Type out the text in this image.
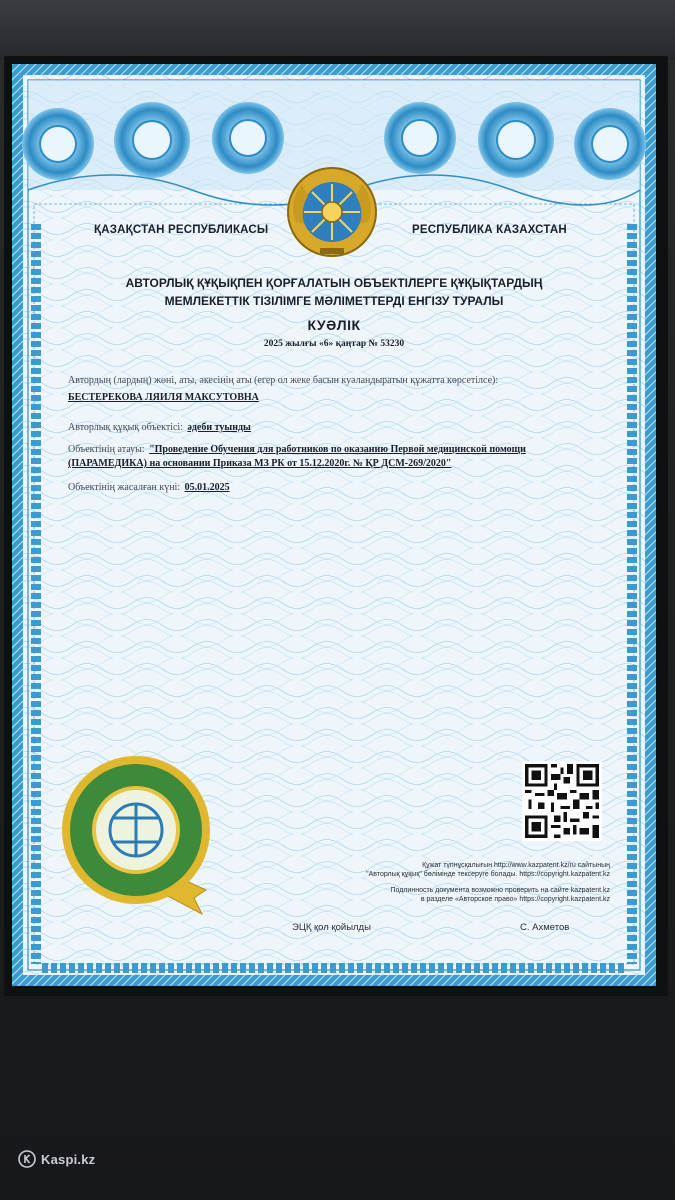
ҚАЗАҚСТАН РЕСПУБЛИКАСЫ	РЕСПУБЛИКА КАЗАХСТАН
АВТОРЛЫҚ ҚҰҚЫҚПЕН ҚОРҒАЛАТЫН ОБЪЕКТІЛЕРГЕ ҚҰҚЫҚТАРДЫҢ
МЕМЛЕКЕТТІК ТІЗІЛІМГЕ МӘЛІМЕТТЕРДІ ЕНГІЗУ ТУРАЛЫ
КУӘЛІК
2025 жылғы «6» қаңтар № 53230
Автордың (лардың) жөні, аты, әкесінің аты (егер ол жеке басын куәландыратын құжатта көрсетілсе):
БЕСТЕРЕКОВА ЛЯИЛЯ МАКСУТОВНА
Авторлық құқық объектісі: әдеби туынды
Объектінің атауы: "Проведение Обучения для работников по оказанию Первой медицинской помощи
(ПАРАМЕДИКА) на основании Приказа МЗ РК от 15.12.2020г. № ҚР ДСМ-269/2020"
Объектінің жасалған күні: 05.01.2025
Құжат түпнұсқалығын http://www.kazpatent.kz/ru сайтының
"Авторлық құқық" бөлімінде тексеруге болады. https://copyright.kazpatent.kz
Подлинность документа возможно проверить на сайте kazpatent.kz
в разделе «Авторское право» https://copyright.kazpatent.kz
ЭЦҚ қол қойылды	С. Ахметов
Kaspi.kz
